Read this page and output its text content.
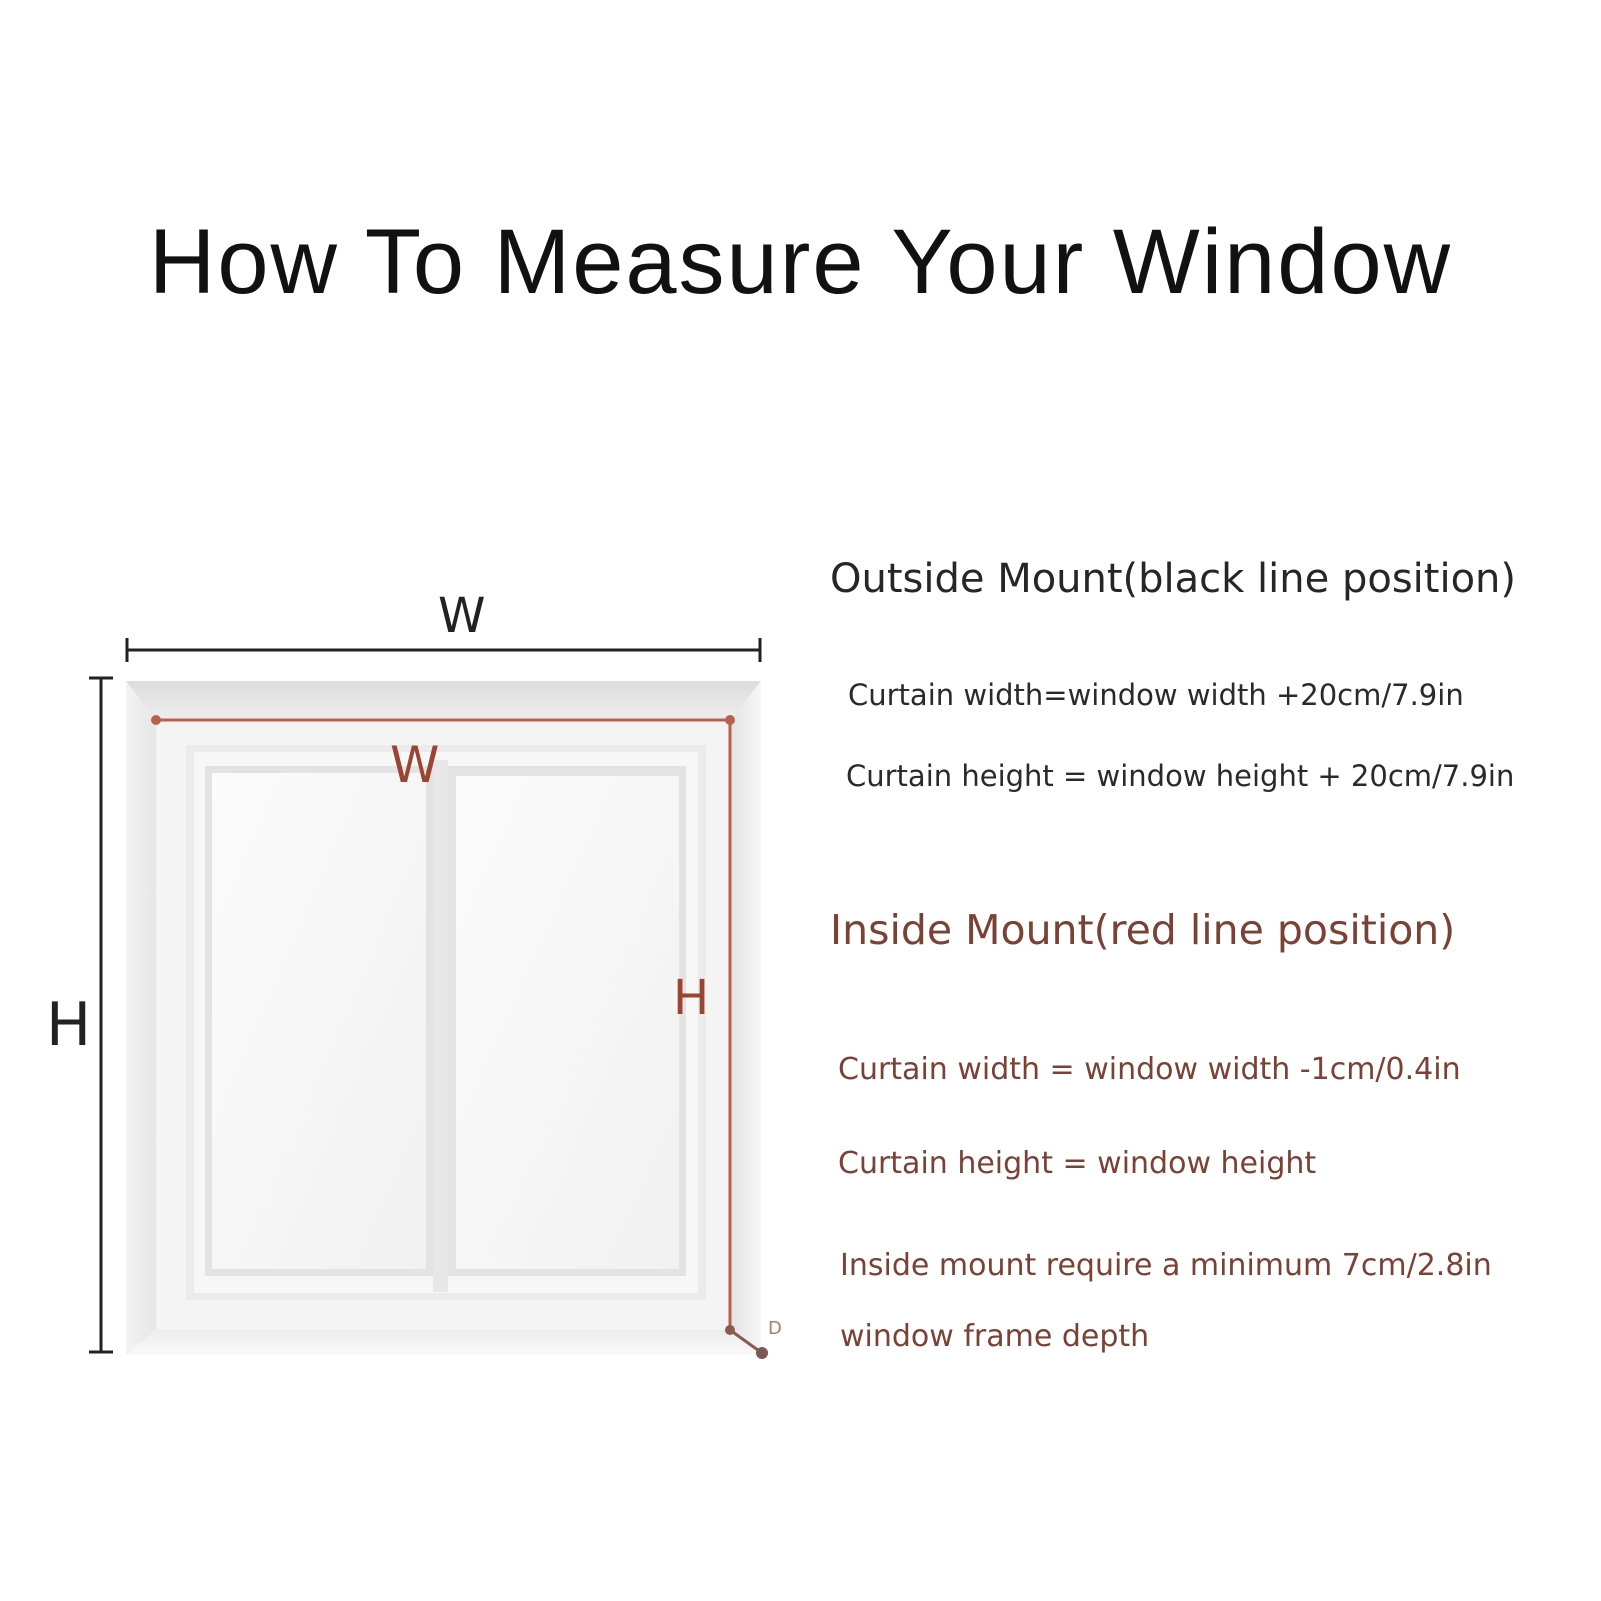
How To Measure Your Window
W
H
W
H
D
Outside Mount(black line position)
Curtain width=window width +20cm/7.9in
Curtain height = window height + 20cm/7.9in
Inside Mount(red line position)
Curtain width = window width -1cm/0.4in
Curtain height = window height
Inside mount require a minimum 7cm/2.8in
window frame depth
